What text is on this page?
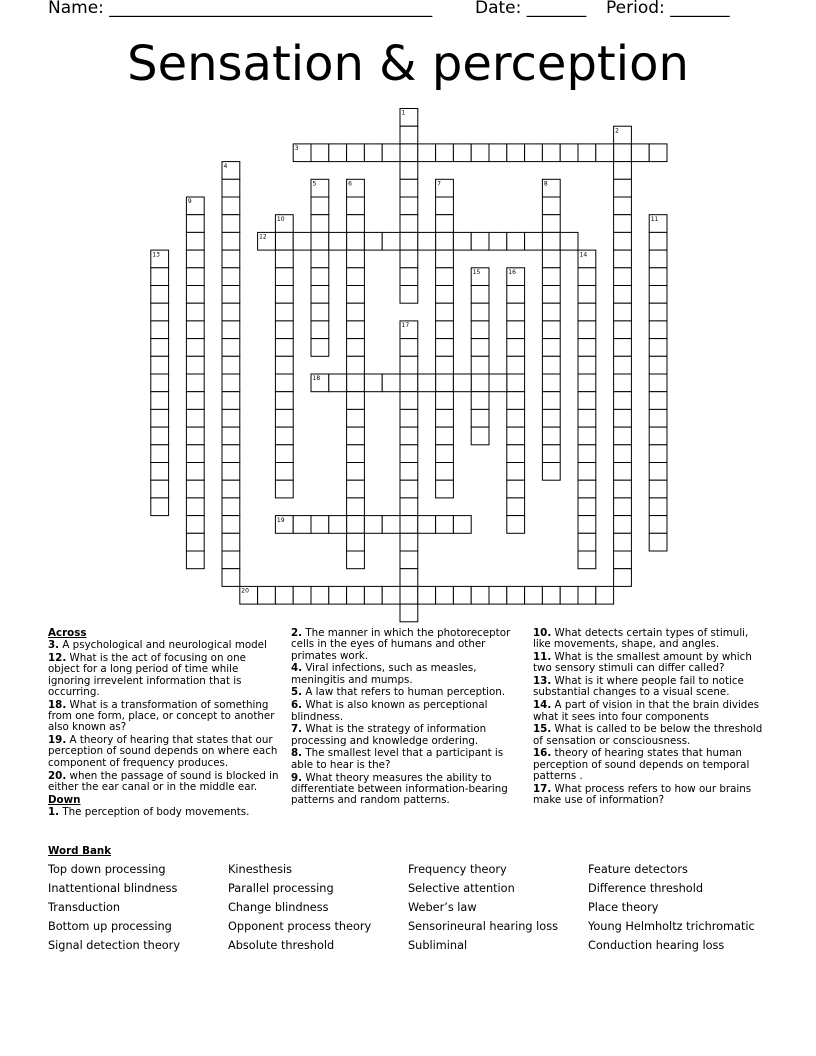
Name: ______________________________________	Date: _______ Period: _______
Sensation & perception
1
2
3
4
5	6	7	8
9
10	11
12
13	14
15	16
17
18
19
20

Across

3. A psychological and neurological model

12. What is the act of focusing on one object for a long period of time while ignoring irrevelent information that is occurring.

18. What is a transformation of something from one form, place, or concept to another also known as?

19. A theory of hearing that states that our perception of sound depends on where each component of frequency produces.

20. when the passage of sound is blocked in either the ear canal or in the middle ear.

Down

1. The perception of body movements.

2. The manner in which the photoreceptor cells in the eyes of humans and other primates work.

4. Viral infections, such as measles, meningitis and mumps.

5. A law that refers to human perception.

6. What is also known as perceptional blindness.

7. What is the strategy of information processing and knowledge ordering.

8. The smallest level that a participant is able to hear is the?

9. What theory measures the ability to differentiate between information-bearing patterns and random patterns.

10. What detects certain types of stimuli, like movements, shape, and angles.

11. What is the smallest amount by which two sensory stimuli can differ called?

13. What is it where people fail to notice substantial changes to a visual scene.

14. A part of vision in that the brain divides what it sees into four components

15. What is called to be below the threshold of sensation or consciousness.

16. theory of hearing states that human perception of sound depends on temporal patterns .

17. What process refers to how our brains make use of information?

Word Bank
Top down processing
Inattentional blindness
Transduction
Bottom up processing
Signal detection theory
Kinesthesis
Parallel processing
Change blindness
Opponent process theory
Absolute threshold
Frequency theory
Selective attention
Weber’s law
Sensorineural hearing loss
Subliminal
Feature detectors
Difference threshold
Place theory
Young Helmholtz trichromatic
Conduction hearing loss
